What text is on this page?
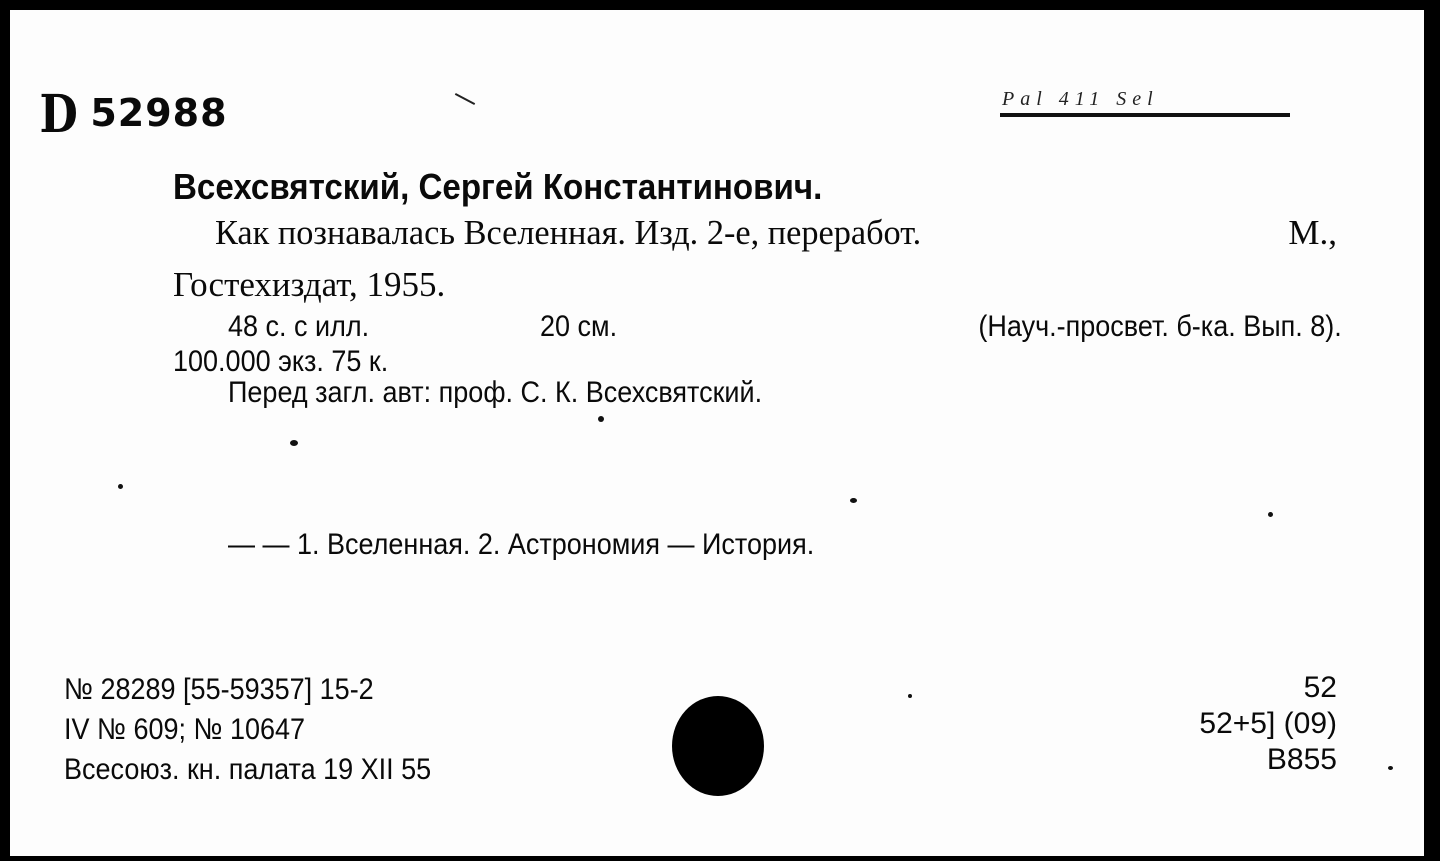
D 52988	Pal 411 Sel
Всехсвятский, Сергей Константинович.
Как познавалась Вселенная. Изд. 2-е, переработ.	М.,
Гостехиздат, 1955.
48 с. с илл.	20 см.	(Науч.-просвет. б-ка. Вып. 8).
100.000 экз. 75 к.
Перед загл. авт: проф. С. К. Всехсвятский.
— — 1. Вселенная. 2. Астрономия — История.
№ 28289 [55-59357] 15-2
IV № 609; № 10647
Всесоюз. кн. палата 19 XII 55
52
52+5] (09)
В855
